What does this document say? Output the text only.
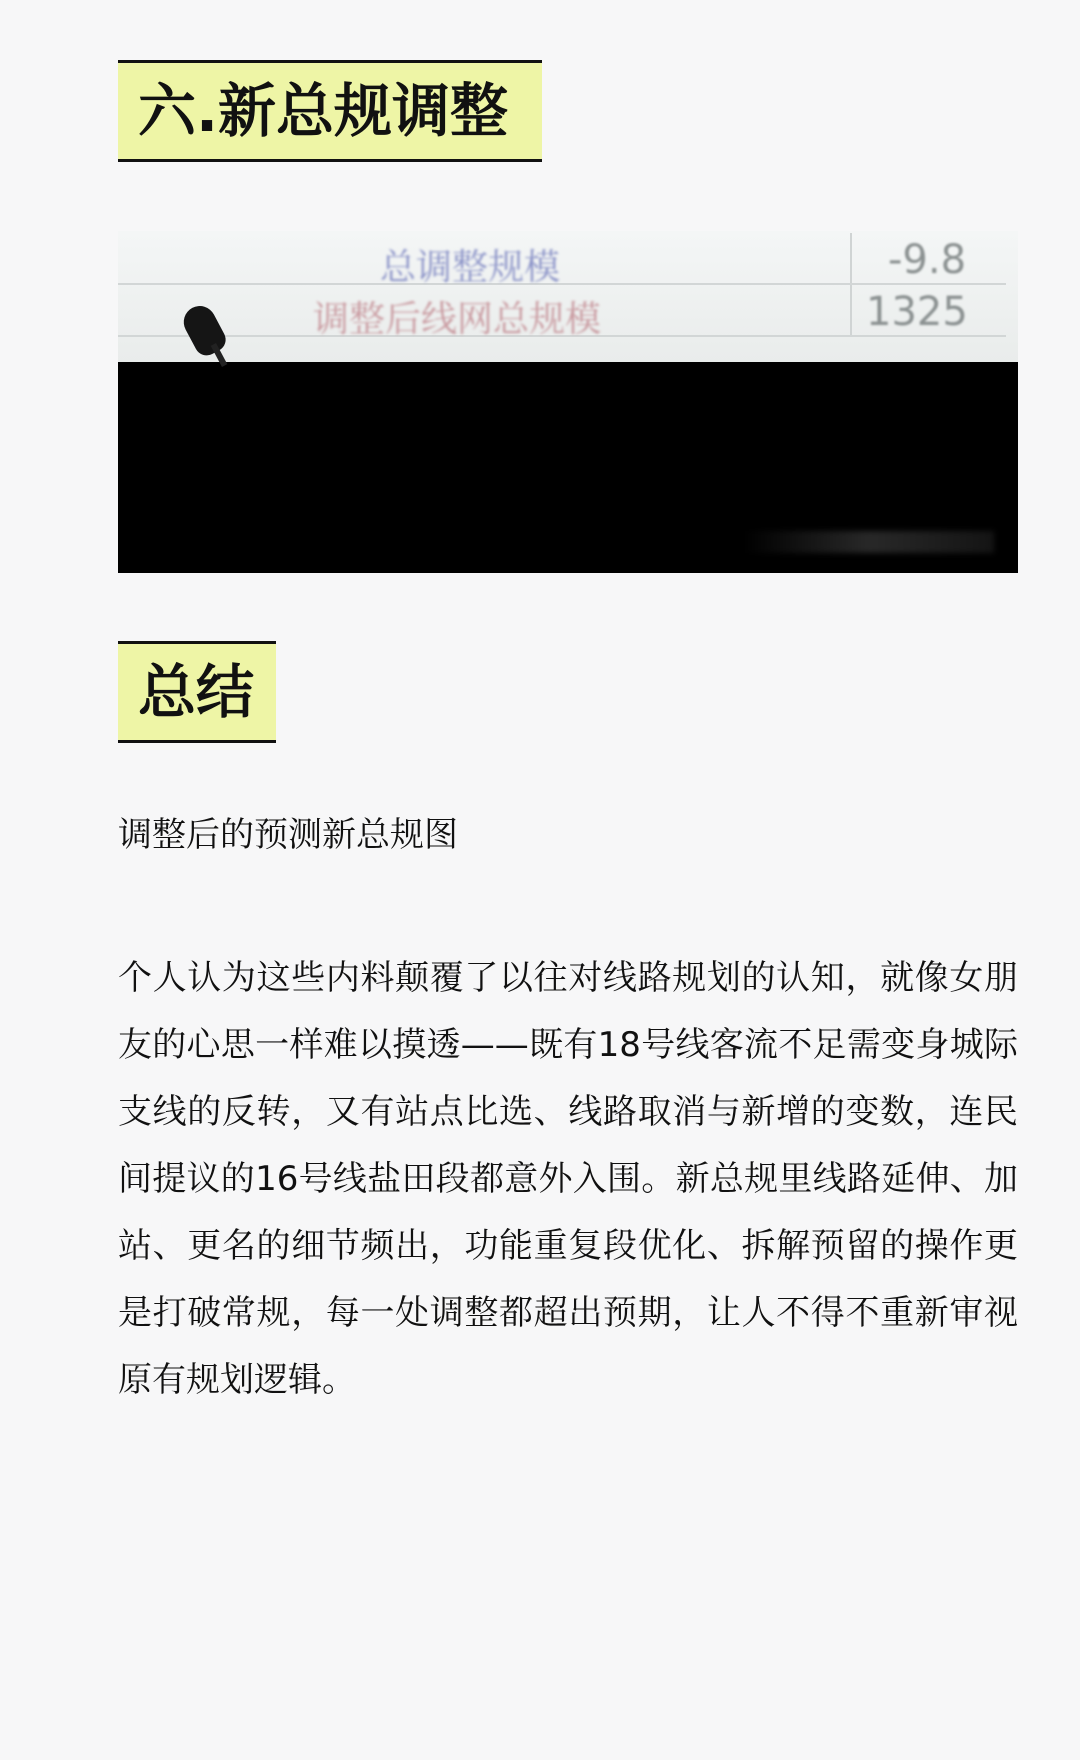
六.新总规调整
总调整规模	-9.8
调整后线网总规模	1325
总结

调整后的预测新总规图

个人认为这些内料颠覆了以往对线路规划的认知，就像女朋友的心思一样难以摸透——既有18号线客流不足需变身城际支线的反转，又有站点比选、线路取消与新增的变数，连民间提议的16号线盐田段都意外入围。新总规里线路延伸、加站、更名的细节频出，功能重复段优化、拆解预留的操作更是打破常规，每一处调整都超出预期，让人不得不重新审视原有规划逻辑。
